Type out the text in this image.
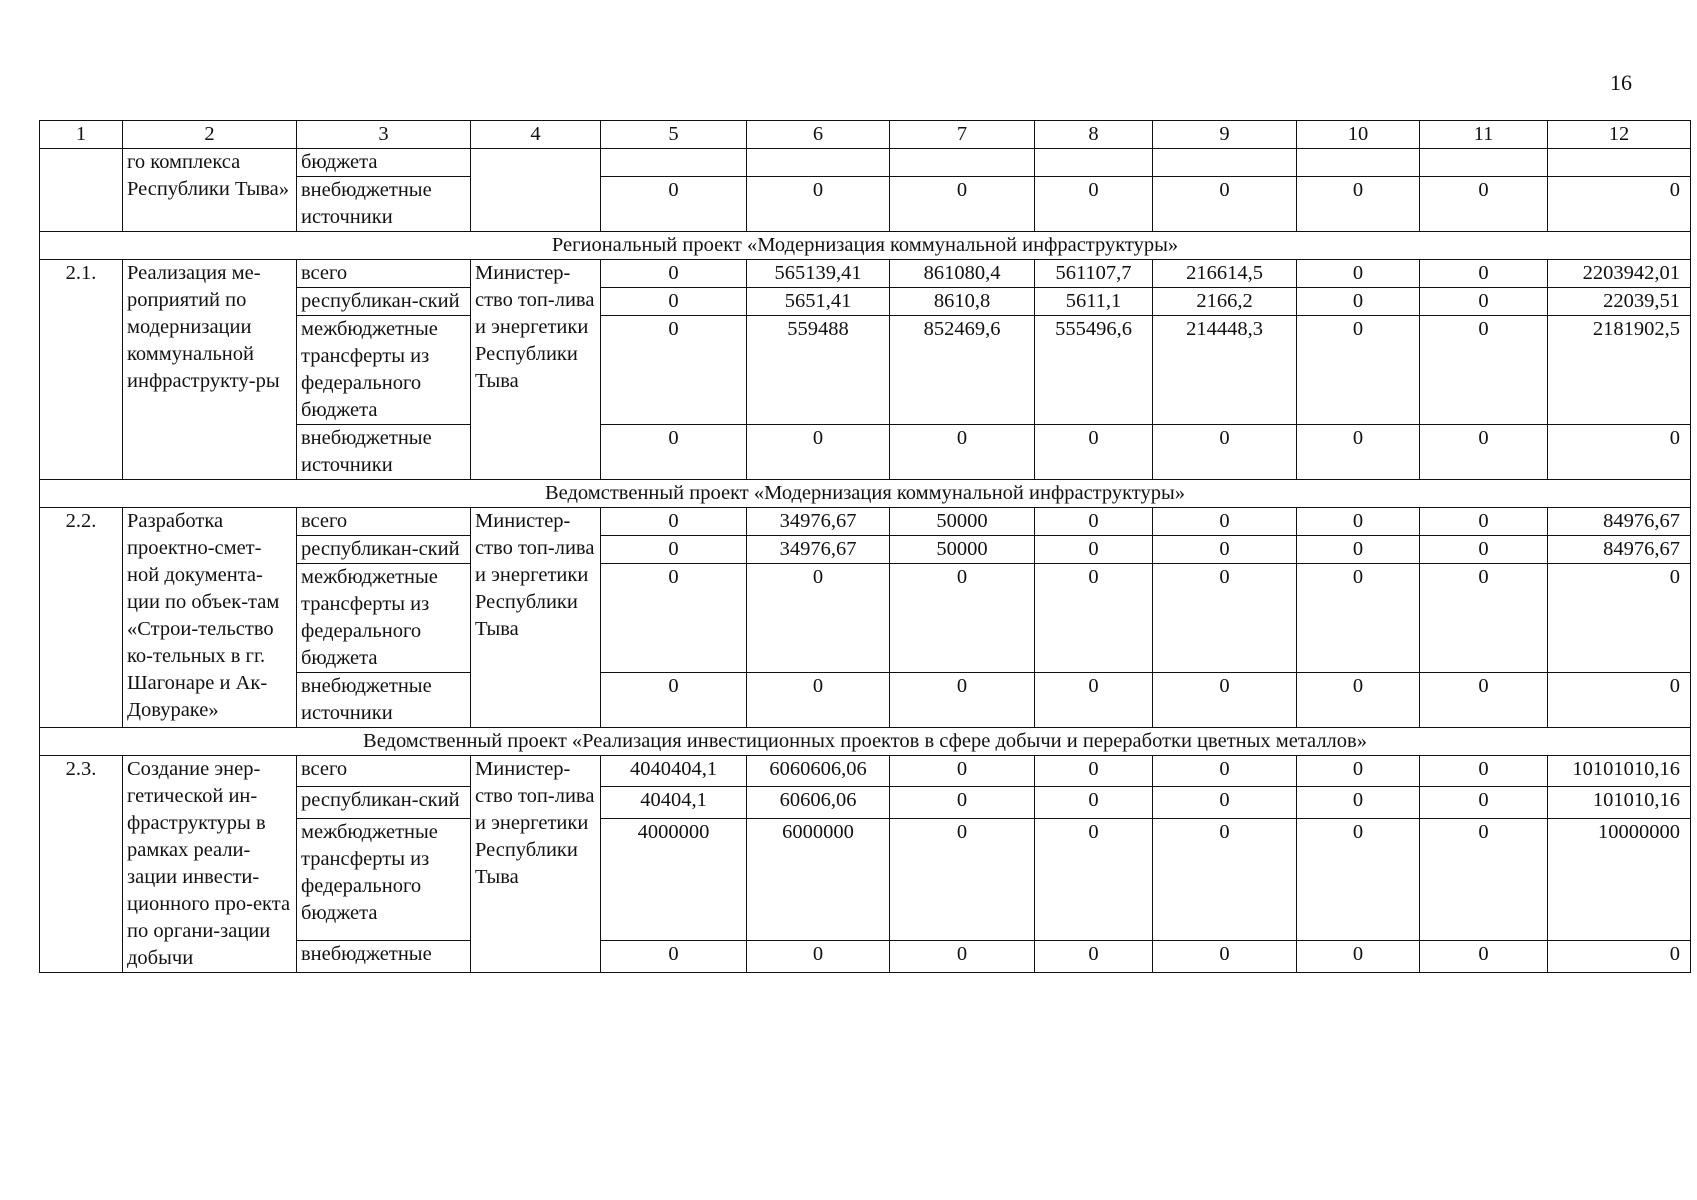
16
1	2	3	4	5	6	7	8	9	10	11	12
	го комплекса Республики Тыва»	бюджета									
		внебюджетные источники		0	0	0	0	0	0	0	0
Региональный проект «Модернизация коммунальной инфраструктуры»											
2.1.	Реализация ме-роприятий по модернизации коммунальной инфраструкту-ры	всего	Министер-ство топ-лива и энергетики Республики Тыва	0	565139,41	861080,4	561107,7	216614,5	0	0	2203942,01
		республикан-ский		0	5651,41	8610,8	5611,1	2166,2	0	0	22039,51
		межбюджетные трансферты из федерального бюджета		0	559488	852469,6	555496,6	214448,3	0	0	2181902,5
		внебюджетные источники		0	0	0	0	0	0	0	0
Ведомственный проект «Модернизация коммунальной инфраструктуры»											
2.2.	Разработка проектно-смет-ной документа-ции по объек-там «Строи-тельство ко-тельных в гг. Шагонаре и Ак-Довураке»	всего	Министер-ство топ-лива и энергетики Республики Тыва	0	34976,67	50000	0	0	0	0	84976,67
		республикан-ский		0	34976,67	50000	0	0	0	0	84976,67
		межбюджетные трансферты из федерального бюджета		0	0	0	0	0	0	0	0
		внебюджетные источники		0	0	0	0	0	0	0	0
Ведомственный проект «Реализация инвестиционных проектов в сфере добычи и переработки цветных металлов»											
2.3.	Создание энер-гетической ин-фраструктуры в рамках реали-зации инвести-ционного про-екта по органи-зации добычи	всего	Министер-ство топ-лива и энергетики Республики Тыва	4040404,1	6060606,06	0	0	0	0	0	10101010,16
		республикан-ский		40404,1	60606,06	0	0	0	0	0	101010,16
		межбюджетные трансферты из федерального бюджета		4000000	6000000	0	0	0	0	0	10000000
		внебюджетные		0	0	0	0	0	0	0	0
